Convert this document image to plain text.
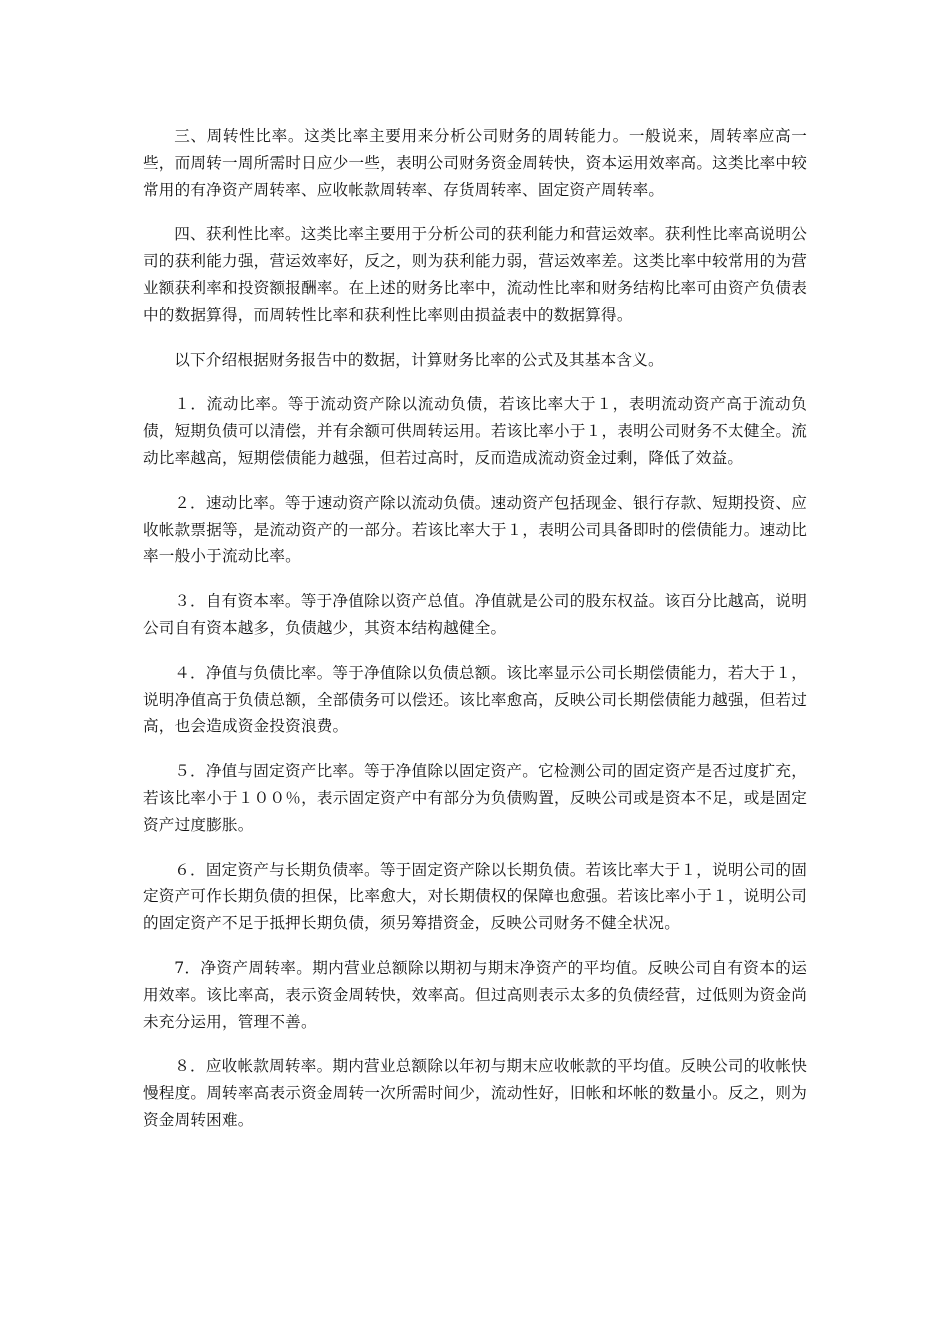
三、周转性比率。这类比率主要用来分析公司财务的周转能力。一般说来，周转率应高一些，而周转一周所需时日应少一些，表明公司财务资金周转快，资本运用效率高。这类比率中较常用的有净资产周转率、应收帐款周转率、存货周转率、固定资产周转率。

四、获利性比率。这类比率主要用于分析公司的获利能力和营运效率。获利性比率高说明公司的获利能力强，营运效率好，反之，则为获利能力弱，营运效率差。这类比率中较常用的为营业额获利率和投资额报酬率。在上述的财务比率中，流动性比率和财务结构比率可由资产负债表中的数据算得，而周转性比率和获利性比率则由损益表中的数据算得。

以下介绍根据财务报告中的数据，计算财务比率的公式及其基本含义。

１．流动比率。等于流动资产除以流动负债，若该比率大于１，表明流动资产高于流动负债，短期负债可以清偿，并有余额可供周转运用。若该比率小于１，表明公司财务不太健全。流动比率越高，短期偿债能力越强，但若过高时，反而造成流动资金过剩，降低了效益。

２．速动比率。等于速动资产除以流动负债。速动资产包括现金、银行存款、短期投资、应收帐款票据等，是流动资产的一部分。若该比率大于１，表明公司具备即时的偿债能力。速动比率一般小于流动比率。

３．自有资本率。等于净值除以资产总值。净值就是公司的股东权益。该百分比越高，说明公司自有资本越多，负债越少，其资本结构越健全。

４．净值与负债比率。等于净值除以负债总额。该比率显示公司长期偿债能力，若大于１，说明净值高于负债总额，全部债务可以偿还。该比率愈高，反映公司长期偿债能力越强，但若过高，也会造成资金投资浪费。

５．净值与固定资产比率。等于净值除以固定资产。它检测公司的固定资产是否过度扩充，若该比率小于１００％，表示固定资产中有部分为负债购置，反映公司或是资本不足，或是固定资产过度膨胀。

６．固定资产与长期负债率。等于固定资产除以长期负债。若该比率大于１，说明公司的固定资产可作长期负债的担保，比率愈大，对长期债权的保障也愈强。若该比率小于１，说明公司的固定资产不足于抵押长期负债，须另筹措资金，反映公司财务不健全状况。

7．净资产周转率。期内营业总额除以期初与期末净资产的平均值。反映公司自有资本的运用效率。该比率高，表示资金周转快，效率高。但过高则表示太多的负债经营，过低则为资金尚未充分运用，管理不善。

８．应收帐款周转率。期内营业总额除以年初与期末应收帐款的平均值。反映公司的收帐快慢程度。周转率高表示资金周转一次所需时间少，流动性好，旧帐和坏帐的数量小。反之，则为资金周转困难。
